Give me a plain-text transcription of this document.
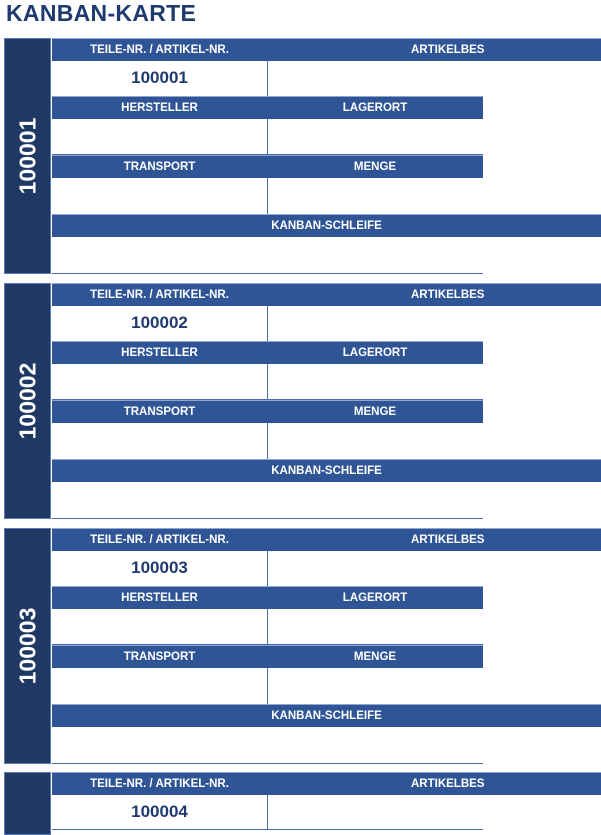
KANBAN-KARTE
100001
TEILE-NR. / ARTIKEL-NR.	ARTIKELBES
100001
HERSTELLER	LAGERORT
TRANSPORT	MENGE
KANBAN-SCHLEIFE
100002
TEILE-NR. / ARTIKEL-NR.	ARTIKELBES
100002
HERSTELLER	LAGERORT
TRANSPORT	MENGE
KANBAN-SCHLEIFE
100003
TEILE-NR. / ARTIKEL-NR.	ARTIKELBES
100003
HERSTELLER	LAGERORT
TRANSPORT	MENGE
KANBAN-SCHLEIFE
TEILE-NR. / ARTIKEL-NR.	ARTIKELBES
100004
